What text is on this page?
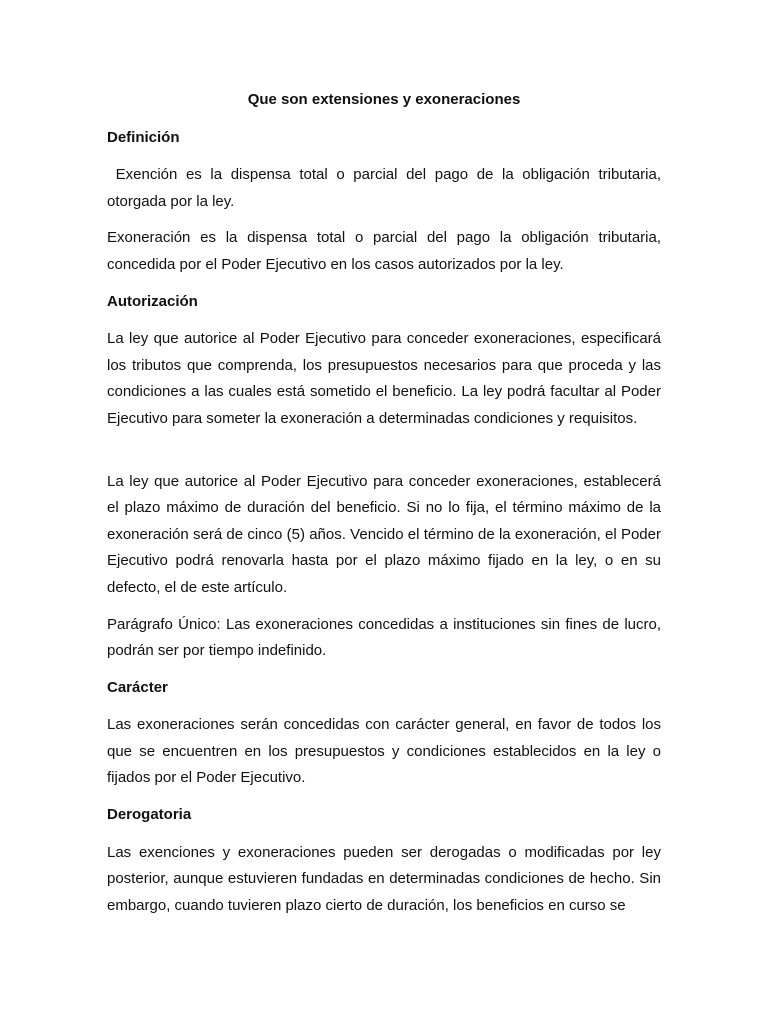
Que son extensiones y exoneraciones
Definición
Exención es la dispensa total o parcial del pago de la obligación tributaria, otorgada por la ley.
Exoneración es la dispensa total o parcial del pago la obligación tributaria, concedida por el Poder Ejecutivo en los casos autorizados por la ley.
Autorización
La ley que autorice al Poder Ejecutivo para conceder exoneraciones, especificará los tributos que comprenda, los presupuestos necesarios para que proceda y las condiciones a las cuales está sometido el beneficio. La ley podrá facultar al Poder Ejecutivo para someter la exoneración a determinadas condiciones y requisitos.
La ley que autorice al Poder Ejecutivo para conceder exoneraciones, establecerá el plazo máximo de duración del beneficio. Si no lo fija, el término máximo de la exoneración será de cinco (5) años. Vencido el término de la exoneración, el Poder Ejecutivo podrá renovarla hasta por el plazo máximo fijado en la ley, o en su defecto, el de este artículo.
Parágrafo Único: Las exoneraciones concedidas a instituciones sin fines de lucro, podrán ser por tiempo indefinido.
Carácter
Las exoneraciones serán concedidas con carácter general, en favor de todos los que se encuentren en los presupuestos y condiciones establecidos en la ley o fijados por el Poder Ejecutivo.
Derogatoria
Las exenciones y exoneraciones pueden ser derogadas o modificadas por ley posterior, aunque estuvieren fundadas en determinadas condiciones de hecho. Sin embargo, cuando tuvieren plazo cierto de duración, los beneficios en curso se
